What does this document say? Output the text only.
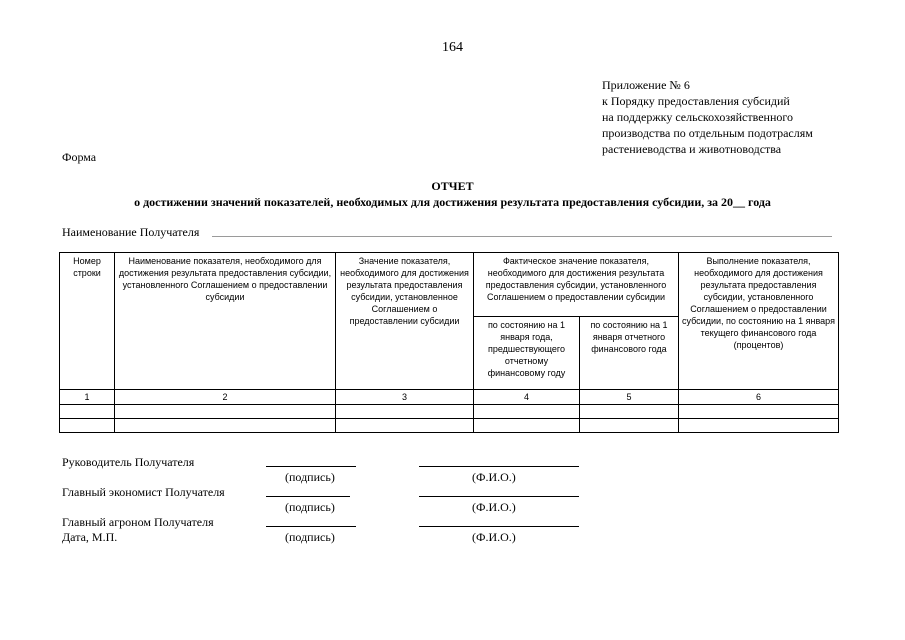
164
Приложение № 6
к Порядку предоставления субсидий
на поддержку сельскохозяйственного
производства по отдельным подотраслям
растениеводства и животноводства
Форма
ОТЧЕТ
о достижении значений показателей, необходимых для достижения результата предоставления субсидии, за 20__ года
Наименование Получателя
Номер строки	Наименование показателя, необходимого для достижения результата предоставления субсидии, установленного Соглашением о предоставлении субсидии	Значение показателя, необходимого для достижения результата предоставления субсидии, установленное Соглашением о предоставлении субсидии	Фактическое значение показателя, необходимого для достижения результата предоставления субсидии, установленного Соглашением о предоставлении субсидии		Выполнение показателя, необходимого для достижения результата предоставления субсидии, установленного Соглашением о предоставлении субсидии, по состоянию на 1 января текущего финансового года (процентов)
			по состоянию на 1 января года, предшествующего отчетному финансовому году	по состоянию на 1 января отчетного финансового года	
1	2	3	4	5	6

Руководитель Получателя
(подпись)	(Ф.И.О.)
Главный экономист Получателя
(подпись)	(Ф.И.О.)
Главный агроном Получателя
Дата, М.П.	(подпись)	(Ф.И.О.)
